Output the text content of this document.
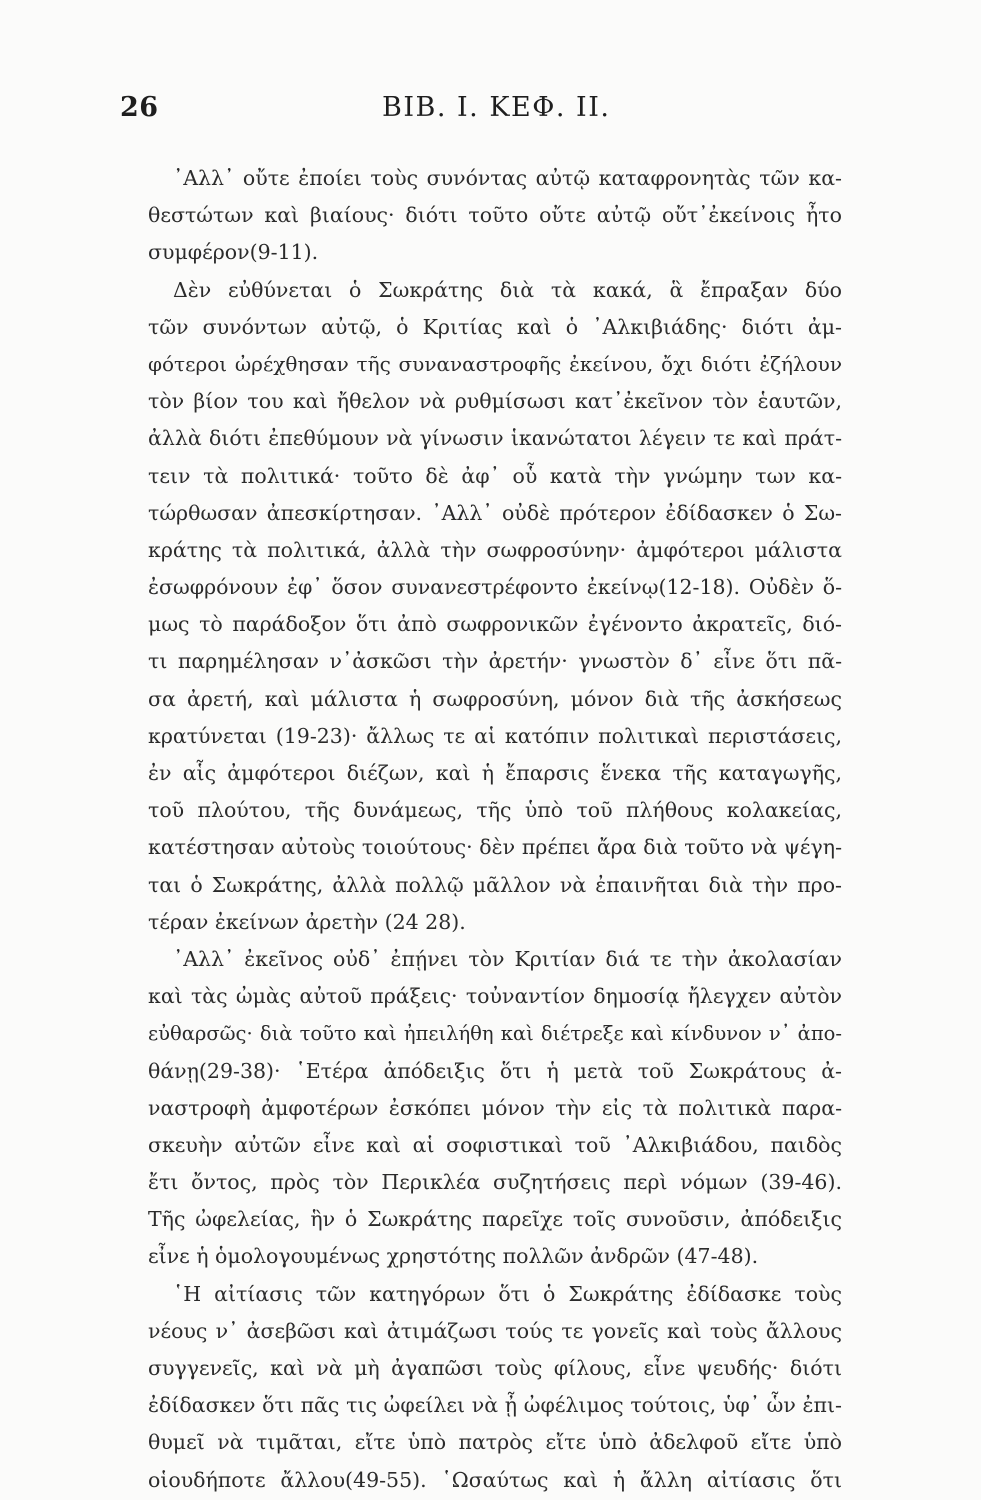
26	ΒΙΒ. Ι. ΚΕΦ. ΙΙ.
᾿Αλλ᾿ οὔτε ἐποίει τοὺς συνόντας αὐτῷ καταφρονητὰς τῶν κα-
θεστώτων καὶ βιαίους· διότι τοῦτο οὔτε αὐτῷ οὔτ᾿ἐκείνοις ἦτο
συμφέρον(9-11).
Δὲν εὐθύνεται ὁ Σωκράτης διὰ τὰ κακά, ἃ ἔπραξαν δύο
τῶν συνόντων αὐτῷ, ὁ Κριτίας καὶ ὁ ᾿Αλκιβιάδης· διότι ἀμ-
φότεροι ὠρέχθησαν τῆς συναναστροφῆς ἐκείνου, ὄχι διότι ἐζήλουν
τὸν βίον του καὶ ἤθελον νὰ ρυθμίσωσι κατ᾿ἐκεῖνον τὸν ἑαυτῶν,
ἀλλὰ διότι ἐπεθύμουν νὰ γίνωσιν ἱκανώτατοι λέγειν τε καὶ πράτ-
τειν τὰ πολιτικά· τοῦτο δὲ ἀφ᾿ οὗ κατὰ τὴν γνώμην των κα-
τώρθωσαν ἀπεσκίρτησαν. ᾿Αλλ᾿ οὐδὲ πρότερον ἐδίδασκεν ὁ Σω-
κράτης τὰ πολιτικά, ἀλλὰ τὴν σωφροσύνην· ἀμφότεροι μάλιστα
ἐσωφρόνουν ἐφ᾿ ὅσον συνανεστρέφοντο ἐκείνῳ(12-18). Οὐδὲν ὅ-
μως τὸ παράδοξον ὅτι ἀπὸ σωφρονικῶν ἐγένοντο ἀκρατεῖς, διό-
τι παρημέλησαν ν᾿ἀσκῶσι τὴν ἀρετήν· γνωστὸν δ᾿ εἶνε ὅτι πᾶ-
σα ἀρετή, καὶ μάλιστα ἡ σωφροσύνη, μόνον διὰ τῆς ἀσκήσεως
κρατύνεται (19-23)· ἄλλως τε αἱ κατόπιν πολιτικαὶ περιστάσεις,
ἐν αἷς ἀμφότεροι διέζων, καὶ ἡ ἔπαρσις ἕνεκα τῆς καταγωγῆς,
τοῦ πλούτου, τῆς δυνάμεως, τῆς ὑπὸ τοῦ πλήθους κολακείας,
κατέστησαν αὐτοὺς τοιούτους· δὲν πρέπει ἄρα διὰ τοῦτο νὰ ψέγη-
ται ὁ Σωκράτης, ἀλλὰ πολλῷ μᾶλλον νὰ ἐπαινῆται διὰ τὴν προ-
τέραν ἐκείνων ἀρετὴν (24 28).
᾿Αλλ᾿ ἐκεῖνος οὐδ᾿ ἐπῄνει τὸν Κριτίαν διά τε τὴν ἀκολασίαν
καὶ τὰς ὠμὰς αὐτοῦ πράξεις· τοὐναντίον δημοσίᾳ ἤλεγχεν αὐτὸν
εὐθαρσῶς· διὰ τοῦτο καὶ ἠπειλήθη καὶ διέτρεξε καὶ κίνδυνον ν᾿ ἀπο-
θάνῃ(29-38)· ῾Ετέρα ἀπόδειξις ὅτι ἡ μετὰ τοῦ Σωκράτους ἀ-
ναστροφὴ ἀμφοτέρων ἐσκόπει μόνον τὴν εἰς τὰ πολιτικὰ παρα-
σκευὴν αὐτῶν εἶνε καὶ αἱ σοφιστικαὶ τοῦ ᾿Αλκιβιάδου, παιδὸς
ἔτι ὄντος, πρὸς τὸν Περικλέα συζητήσεις περὶ νόμων (39-46).
Τῆς ὠφελείας, ἣν ὁ Σωκράτης παρεῖχε τοῖς συνοῦσιν, ἀπόδειξις
εἶνε ἡ ὁμολογουμένως χρηστότης πολλῶν ἀνδρῶν (47-48).
῾Η αἰτίασις τῶν κατηγόρων ὅτι ὁ Σωκράτης ἐδίδασκε τοὺς
νέους ν᾿ ἀσεβῶσι καὶ ἀτιμάζωσι τούς τε γονεῖς καὶ τοὺς ἄλλους
συγγενεῖς, καὶ νὰ μὴ ἀγαπῶσι τοὺς φίλους, εἶνε ψευδής· διότι
ἐδίδασκεν ὅτι πᾶς τις ὠφείλει νὰ ᾖ ὠφέλιμος τούτοις, ὑφ᾿ ὧν ἐπι-
θυμεῖ νὰ τιμᾶται, εἴτε ὑπὸ πατρὸς εἴτε ὑπὸ ἀδελφοῦ εἴτε ὑπὸ
οἱουδήποτε ἄλλου(49-55). ῾Ωσαύτως καὶ ἡ ἄλλη αἰτίασις ὅτι
